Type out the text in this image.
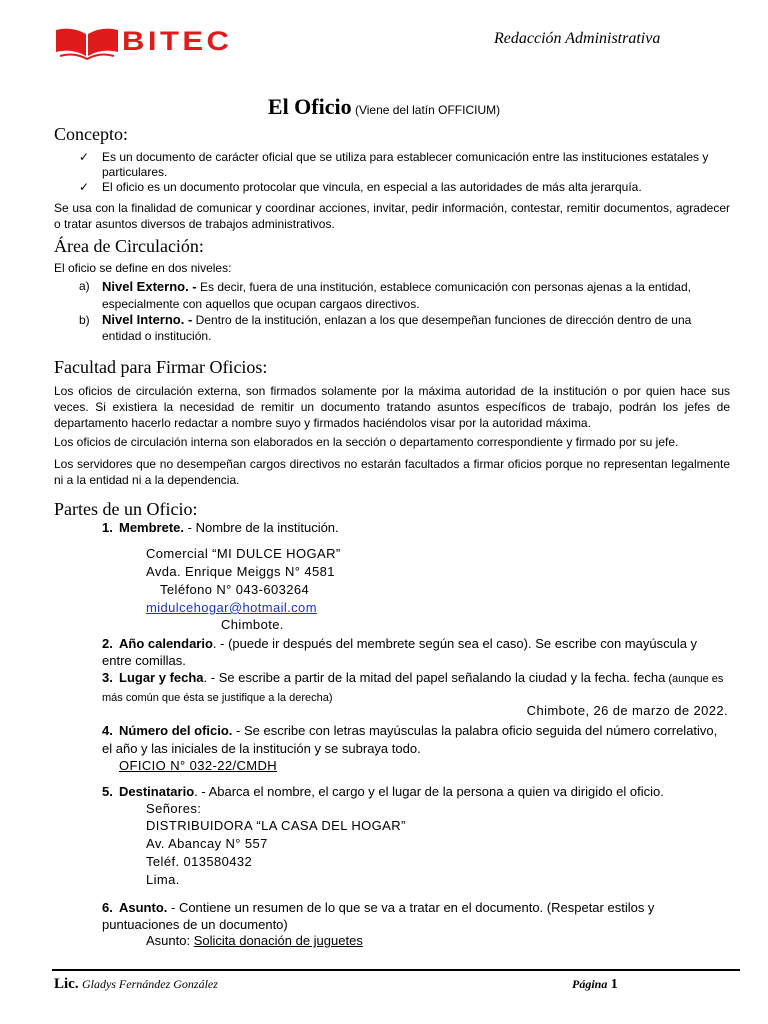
BITEC	Redacción Administrativa
El Oficio (Viene del latín OFFICIUM)
Concepto:
✓ Es un documento de carácter oficial que se utiliza para establecer comunicación entre las instituciones estatales y particulares.
✓ El oficio es un documento protocolar que vincula, en especial a las autoridades de más alta jerarquía.
Se usa con la finalidad de comunicar y coordinar acciones, invitar, pedir información, contestar, remitir documentos, agradecer o tratar asuntos diversos de trabajos administrativos.
Área de Circulación:
El oficio se define en dos niveles:
a) Nivel Externo. - Es decir, fuera de una institución, establece comunicación con personas ajenas a la entidad, especialmente con aquellos que ocupan cargaos directivos.
b) Nivel Interno. - Dentro de la institución, enlazan a los que desempeñan funciones de dirección dentro de una entidad o institución.
Facultad para Firmar Oficios:
Los oficios de circulación externa, son firmados solamente por la máxima autoridad de la institución o por quien hace sus veces. Si existiera la necesidad de remitir un documento tratando asuntos específicos de trabajo, podrán los jefes de departamento hacerlo redactar a nombre suyo y firmados haciéndolos visar por la autoridad máxima.
Los oficios de circulación interna son elaborados en la sección o departamento correspondiente y firmado por su jefe.
Los servidores que no desempeñan cargos directivos no estarán facultados a firmar oficios porque no representan legalmente ni a la entidad ni a la dependencia.
Partes de un Oficio:
1. Membrete. - Nombre de la institución.
Comercial “MI DULCE HOGAR”
Avda. Enrique Meiggs N° 4581
Teléfono N° 043-603264
midulcehogar@hotmail.com
Chimbote.
2. Año calendario. - (puede ir después del membrete según sea el caso). Se escribe con mayúscula y entre comillas.
3. Lugar y fecha. - Se escribe a partir de la mitad del papel señalando la ciudad y la fecha. fecha (aunque es más común que ésta se justifique a la derecha)
Chimbote, 26 de marzo de 2022.
4. Número del oficio. - Se escribe con letras mayúsculas la palabra oficio seguida del número correlativo, el año y las iniciales de la institución y se subraya todo.
OFICIO N° 032-22/CMDH
5. Destinatario. - Abarca el nombre, el cargo y el lugar de la persona a quien va dirigido el oficio.
Señores:
DISTRIBUIDORA “LA CASA DEL HOGAR”
Av. Abancay N° 557
Teléf. 013580432
Lima.
6. Asunto. - Contiene un resumen de lo que se va a tratar en el documento. (Respetar estilos y puntuaciones de un documento)
Asunto: Solicita donación de juguetes
Lic. Gladys Fernández González	Página 1
